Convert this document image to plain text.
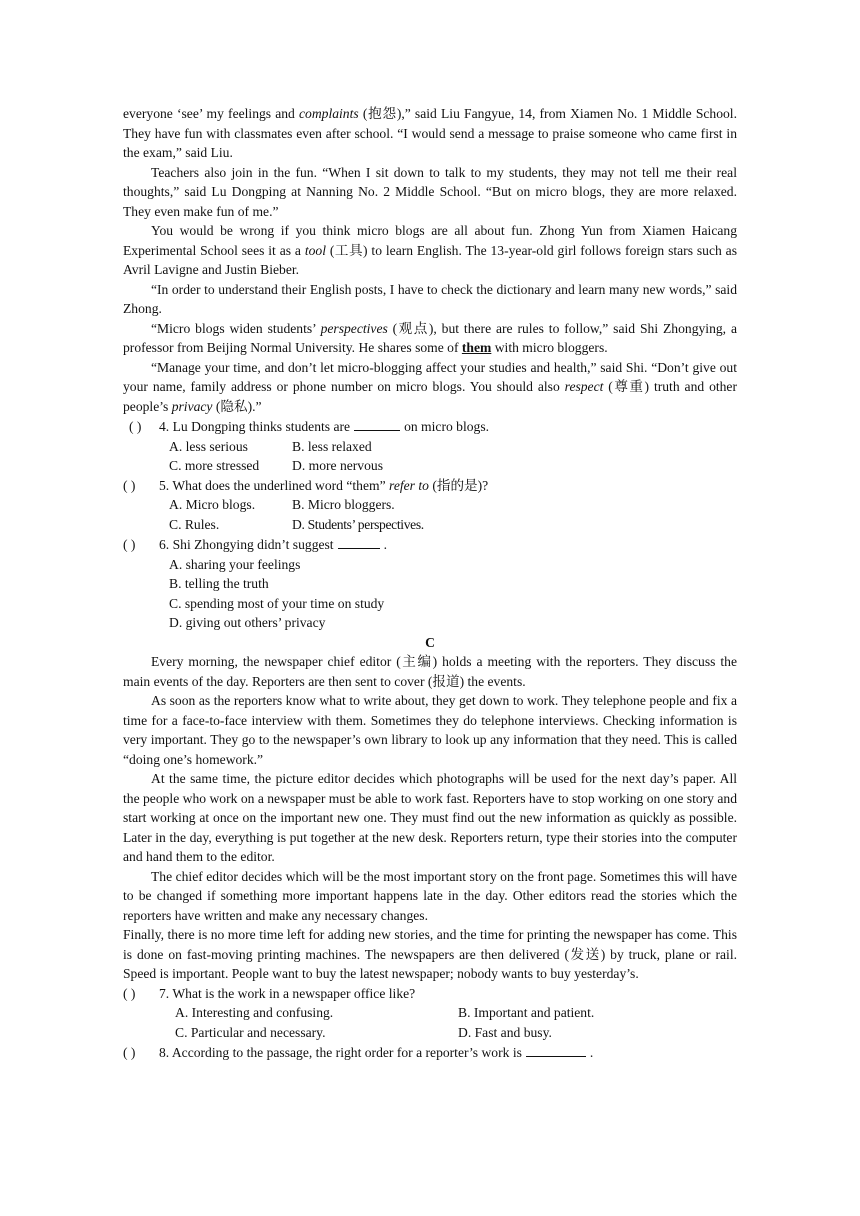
everyone ‘see’ my feelings and complaints (抱怨),” said Liu Fangyue, 14, from Xiamen No. 1 Middle School. They have fun with classmates even after school. “I would send a message to praise someone who came first in the exam,” said Liu.

Teachers also join in the fun. “When I sit down to talk to my students, they may not tell me their real thoughts,” said Lu Dongping at Nanning No. 2 Middle School. “But on micro blogs, they are more relaxed. They even make fun of me.”

You would be wrong if you think micro blogs are all about fun. Zhong Yun from Xiamen Haicang Experimental School sees it as a tool (工具) to learn English. The 13-year-old girl follows foreign stars such as Avril Lavigne and Justin Bieber.

“In order to understand their English posts, I have to check the dictionary and learn many new words,” said Zhong.

“Micro blogs widen students’ perspectives (观点), but there are rules to follow,” said Shi Zhongying, a professor from Beijing Normal University. He shares some of them with micro bloggers.

“Manage your time, and don’t let micro-blogging affect your studies and health,” said Shi. “Don’t give out your name, family address or phone number on micro blogs. You should also respect (尊重) truth and other people’s privacy (隐私).”

( ) 4. Lu Dongping thinks students are	on micro blogs.

A. less serious	B. less relaxed

C. more stressed D. more nervous

( ) 5. What does the underlined word “them” refer to (指的是)?

A. Micro blogs.	B. Micro bloggers.

C. Rules.	D. Students’ perspectives.

( ) 6. Shi Zhongying didn’t suggest	.

A. sharing your feelings

B. telling the truth

C. spending most of your time on study

D. giving out others’ privacy

C

Every morning, the newspaper chief editor (主编) holds a meeting with the reporters. They discuss the main events of the day. Reporters are then sent to cover (报道) the events.

As soon as the reporters know what to write about, they get down to work. They telephone people and fix a time for a face-to-face interview with them. Sometimes they do telephone interviews. Checking information is very important. They go to the newspaper’s own library to look up any information that they need. This is called “doing one’s homework.”

At the same time, the picture editor decides which photographs will be used for the next day’s paper. All the people who work on a newspaper must be able to work fast. Reporters have to stop working on one story and start working at once on the important new one. They must find out the new information as quickly as possible. Later in the day, everything is put together at the new desk. Reporters return, type their stories into the computer and hand them to the editor.

The chief editor decides which will be the most important story on the front page. Sometimes this will have to be changed if something more important happens late in the day. Other editors read the stories which the reporters have written and make any necessary changes.

Finally, there is no more time left for adding new stories, and the time for printing the newspaper has come. This is done on fast-moving printing machines. The newspapers are then delivered (发送) by truck, plane or rail. Speed is important. People want to buy the latest newspaper; nobody wants to buy yesterday’s.

( ) 7. What is the work in a newspaper office like?

A. Interesting and confusing.	B. Important and patient.

C. Particular and necessary.	D. Fast and busy.

( ) 8. According to the passage, the right order for a reporter’s work is	.
